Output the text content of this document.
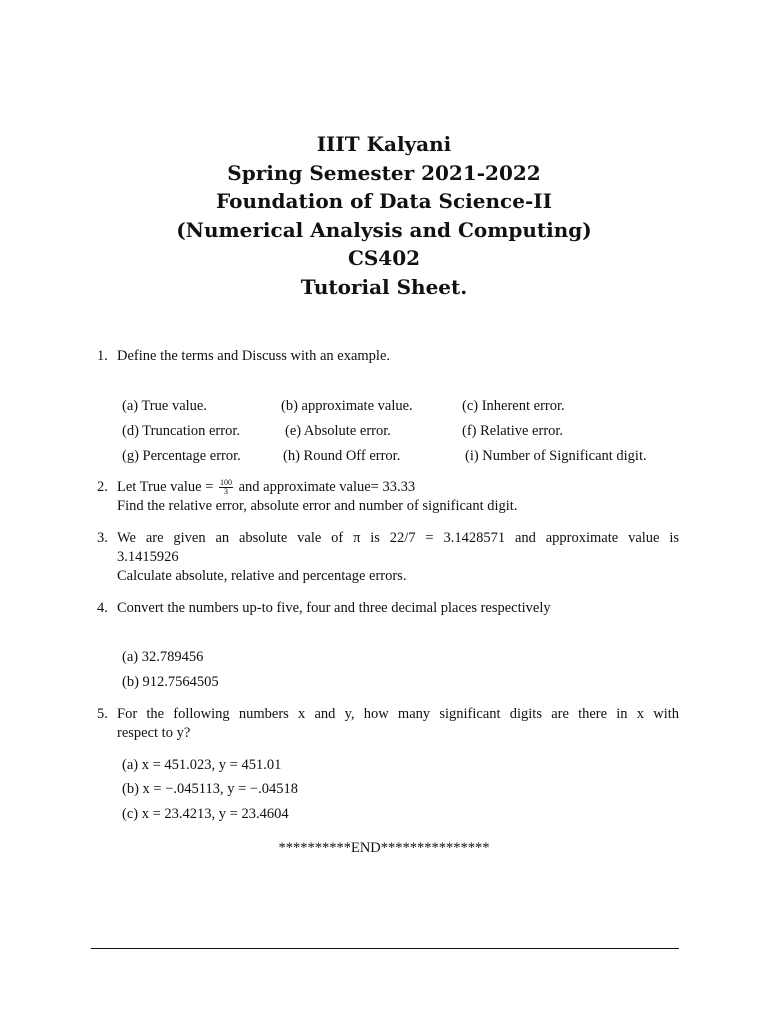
IIIT Kalyani
Spring Semester 2021-2022
Foundation of Data Science-II
(Numerical Analysis and Computing)
CS402
Tutorial Sheet.
1. Define the terms and Discuss with an example.
(a) True value.	(b) approximate value.	(c) Inherent error.
(d) Truncation error.	(e) Absolute error.	(f) Relative error.
(g) Percentage error.	(h) Round Off error.	(i) Number of Significant digit.
2. Let True value = $\frac{100}{3}$ and approximate value= 33.33
Find the relative error, absolute error and number of significant digit.
3. We are given an absolute vale of π is 22/7 = 3.1428571 and approximate value is
3.1415926
Calculate absolute, relative and percentage errors.
4. Convert the numbers up-to five, four and three decimal places respectively
(a) 32.789456
(b) 912.7564505
5. For the following numbers x and y, how many significant digits are there in x with
respect to y?
(a) x = 451.023, y = 451.01
(b) x = −.045113, y = −.04518
(c) x = 23.4213, y = 23.4604
**********END***************
